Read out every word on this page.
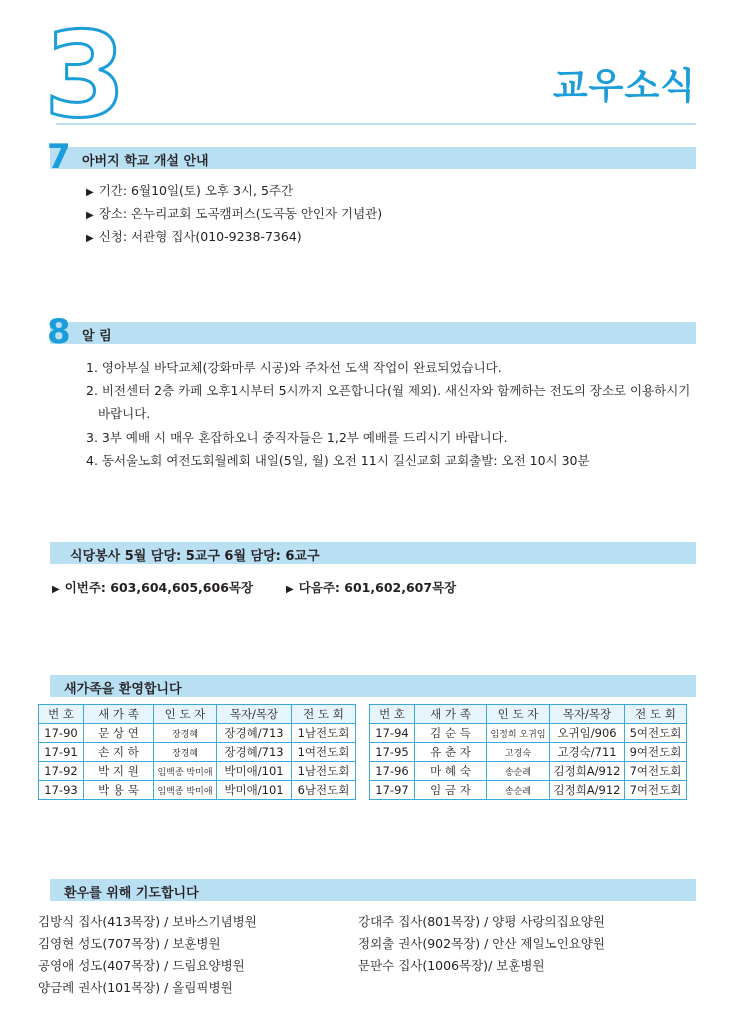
3	교우소식
7 아버지 학교 개설 안내
▶ 기간: 6월10일(토) 오후 3시, 5주간
▶ 장소: 온누리교회 도곡캠퍼스(도곡동 안인자 기념관)
▶ 신청: 서관형 집사(010-9238-7364)
8 알 림
1. 영아부실 바닥교체(강화마루 시공)와 주차선 도색 작업이 완료되었습니다.
2. 비전센터 2층 카페 오후1시부터 5시까지 오픈합니다(월 제외). 새신자와 함께하는 전도의 장소로 이용하시기
바랍니다.
3. 3부 예배 시 매우 혼잡하오니 중직자들은 1,2부 예배를 드리시기 바랍니다.
4. 동서울노회 여전도회월례회 내일(5일, 월) 오전 11시 길신교회 교회출발: 오전 10시 30분
식당봉사 5월 담당: 5교구 6월 담당: 6교구
▶ 이번주: 603,604,605,606목장	▶ 다음주: 601,602,607목장
새가족을 환영합니다
번 호	새 가 족	인 도 자	목자/목장	전 도 회
17-90	문 상 연	장경혜	장경혜/713	1남전도회
17-91	손 지 하	장경혜	장경혜/713	1여전도회
17-92	박 지 원	임백종 박미애	박미애/101	1남전도회
17-93	박 용 묵	임백종 박미애	박미애/101	6남전도회
번 호	새 가 족	인 도 자	목자/목장	전 도 회
17-94	김 순 득	임정희 오귀임	오귀임/906	5여전도회
17-95	유 춘 자	고경숙	고경숙/711	9여전도회
17-96	마 혜 숙	송순례	김정희A/912	7여전도회
17-97	임 금 자	송순례	김정희A/912	7여전도회
환우를 위해 기도합니다
김방식 집사(413목장) / 보바스기념병원
김영현 성도(707목장) / 보훈병원
공영애 성도(407목장) / 드림요양병원
양금례 권사(101목장) / 올림픽병원
강대주 집사(801목장) / 양평 사랑의집요양원
정외출 권사(902목장) / 안산 제일노인요양원
문판수 집사(1006목장)/ 보훈병원
